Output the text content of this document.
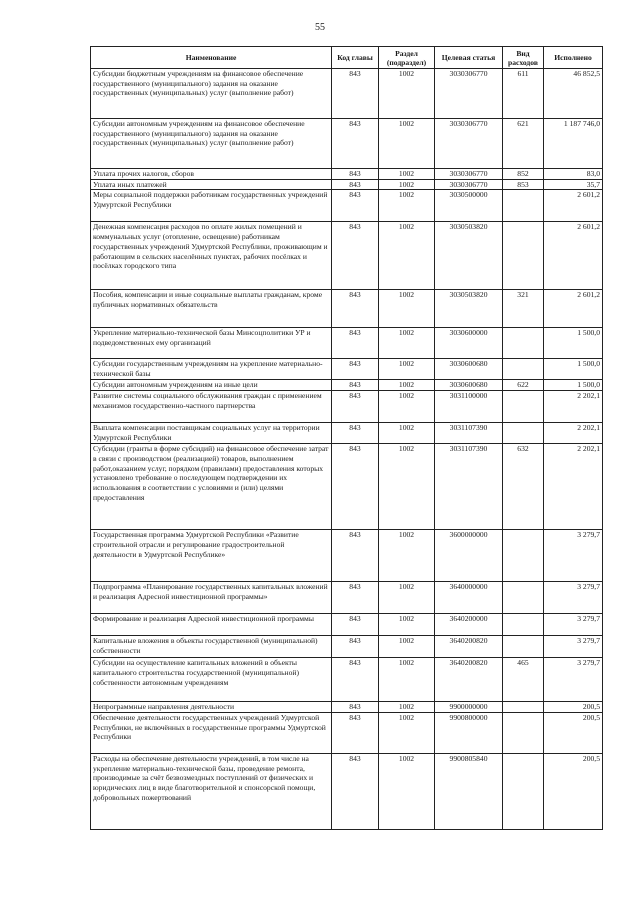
55
Наименование	Код главы	Раздел (подраздел)	Целевая статья	Вид расходов	Исполнено
Субсидии бюджетным учреждениям на финансовое обеспечение государственного (муниципального) задания на оказание государственных (муниципальных) услуг (выполнение работ)	843	1002	3030306770	611	46 852,5
Субсидии автономным учреждениям на финансовое обеспечение государственного (муниципального) задания на оказание государственных (муниципальных) услуг (выполнение работ)	843	1002	3030306770	621	1 187 746,0
Уплата прочих налогов, сборов	843	1002	3030306770	852	83,0
Уплата иных платежей	843	1002	3030306770	853	35,7
Меры социальной поддержки работникам государственных учреждений Удмуртской Республики	843	1002	3030500000		2 601,2
Денежная компенсация расходов по оплате жилых помещений и коммунальных услуг (отопление, освещение) работникам государственных учреждений Удмуртской Республики, проживающим и работающим в сельских населённых пунктах, рабочих посёлках и посёлках городского типа	843	1002	3030503820		2 601,2
Пособия, компенсации и иные социальные выплаты гражданам, кроме публичных нормативных обязательств	843	1002	3030503820	321	2 601,2
Укрепление материально-технической базы Минсоцполитики УР и подведомственных ему организаций	843	1002	3030600000		1 500,0
Субсидии государственным учреждениям на укрепление материально-технической базы	843	1002	3030600680		1 500,0
Субсидии автономным учреждениям на иные цели	843	1002	3030600680	622	1 500,0
Развитие системы социального обслуживания граждан с применением механизмов государственно-частного партнерства	843	1002	3031100000		2 202,1
Выплата компенсации поставщикам социальных услуг на территории Удмуртской Республики	843	1002	3031107390		2 202,1
Субсидии (гранты в форме субсидий) на финансовое обеспечение затрат в связи с производством (реализацией) товаров, выполнением работ,оказанием услуг, порядком (правилами) предоставления которых установлено требование о последующем подтверждении их использования в соответствии с условиями и (или) целями предоставления	843	1002	3031107390	632	2 202,1
Государственная программа Удмуртской Республики «Развитие строительной отрасли и регулирование градостроительной деятельности в Удмуртской Республике»	843	1002	3600000000		3 279,7
Подпрограмма «Планирование государственных капитальных вложений и реализация Адресной инвестиционной программы»	843	1002	3640000000		3 279,7
Формирование и реализация Адресной инвестиционной программы	843	1002	3640200000		3 279,7
Капитальные вложения в объекты государственной (муниципальной) собственности	843	1002	3640200820		3 279,7
Субсидии на осуществление капитальных вложений в объекты капитального строительства государственной (муниципальной) собственности автономным учреждениям	843	1002	3640200820	465	3 279,7
Непрограммные направления деятельности	843	1002	9900000000		200,5
Обеспечение деятельности государственных учреждений Удмуртской Республики, не включённых в государственные программы Удмуртской Республики	843	1002	9900800000		200,5
Расходы на обеспечение деятельности учреждений, в том числе на укрепление материально-технической базы, проведение ремонта, производимые за счёт безвозмездных поступлений от физических и юридических лиц в виде благотворительной и спонсорской помощи, добровольных пожертвований	843	1002	9900805840		200,5
